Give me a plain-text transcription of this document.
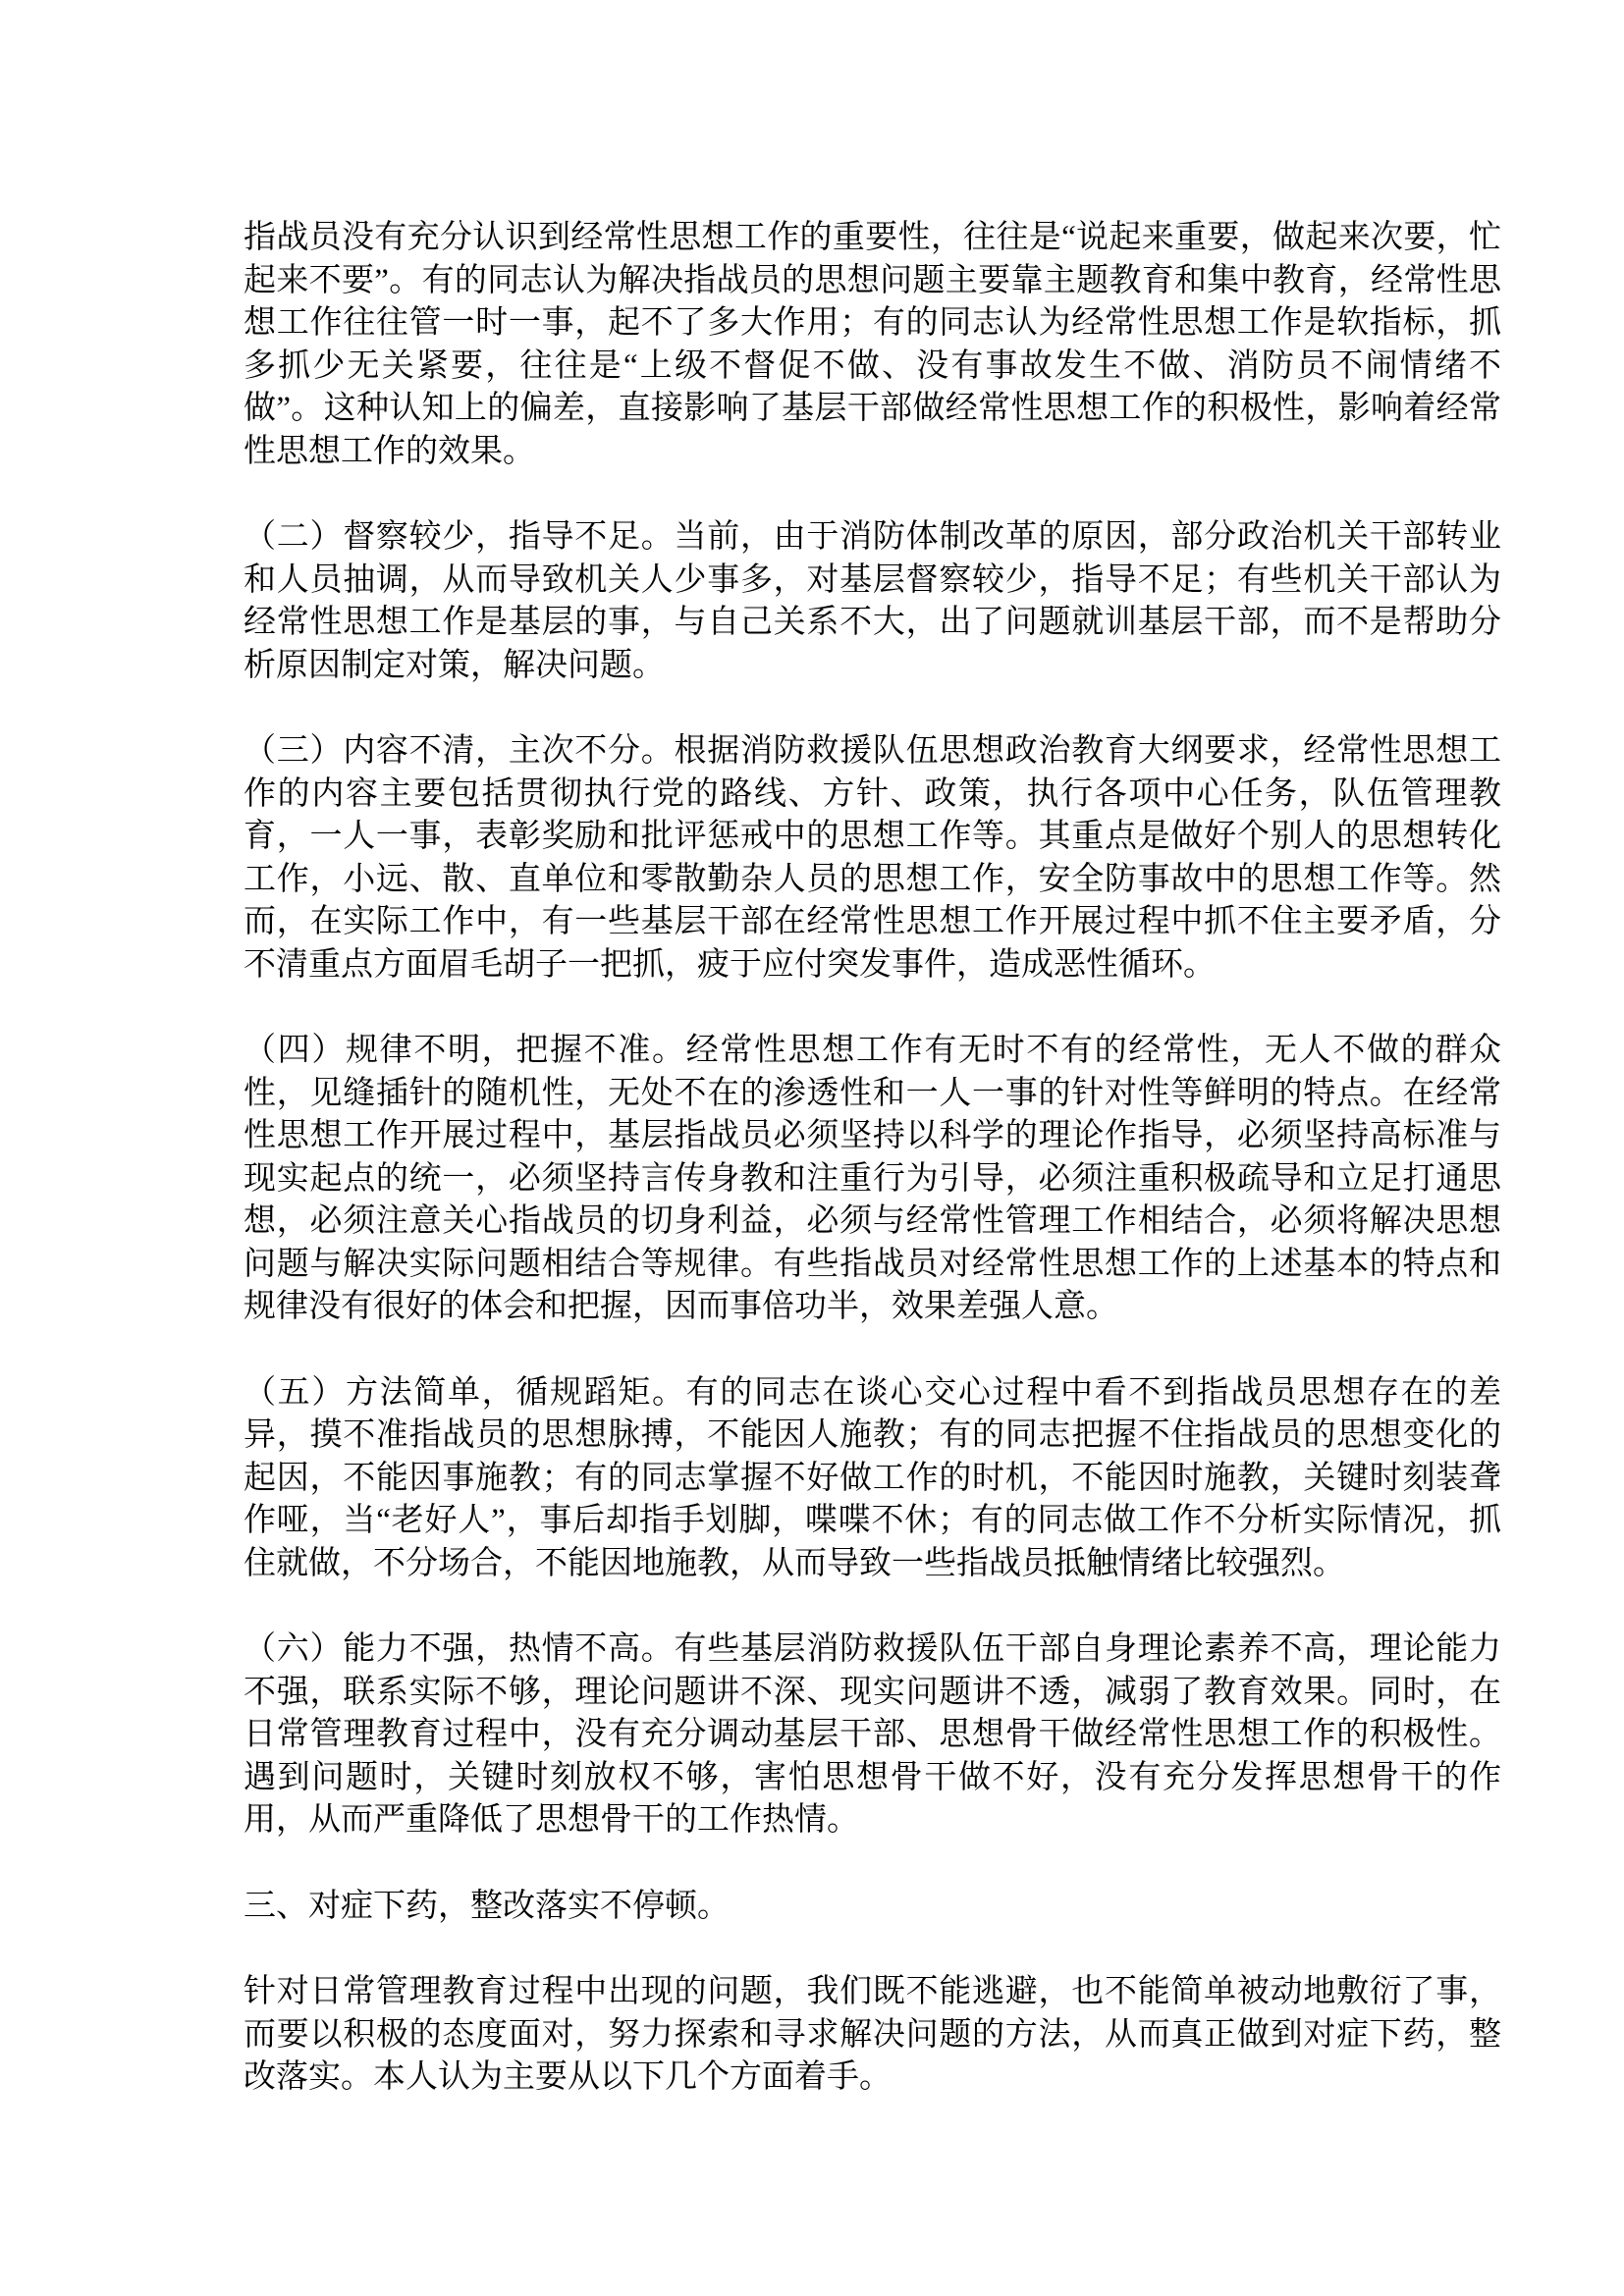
指战员没有充分认识到经常性思想工作的重要性，往往是“说起来重要，做起来次要，忙起来不要”。有的同志认为解决指战员的思想问题主要靠主题教育和集中教育，经常性思想工作往往管一时一事，起不了多大作用；有的同志认为经常性思想工作是软指标，抓多抓少无关紧要，往往是“上级不督促不做、没有事故发生不做、消防员不闹情绪不做”。这种认知上的偏差，直接影响了基层干部做经常性思想工作的积极性，影响着经常性思想工作的效果。

（二）督察较少，指导不足。当前，由于消防体制改革的原因，部分政治机关干部转业和人员抽调，从而导致机关人少事多，对基层督察较少，指导不足；有些机关干部认为经常性思想工作是基层的事，与自己关系不大，出了问题就训基层干部，而不是帮助分析原因制定对策，解决问题。

（三）内容不清，主次不分。根据消防救援队伍思想政治教育大纲要求，经常性思想工作的内容主要包括贯彻执行党的路线、方针、政策，执行各项中心任务，队伍管理教育，一人一事，表彰奖励和批评惩戒中的思想工作等。其重点是做好个别人的思想转化工作，小远、散、直单位和零散勤杂人员的思想工作，安全防事故中的思想工作等。然而，在实际工作中，有一些基层干部在经常性思想工作开展过程中抓不住主要矛盾，分不清重点方面眉毛胡子一把抓，疲于应付突发事件，造成恶性循环。

（四）规律不明，把握不准。经常性思想工作有无时不有的经常性，无人不做的群众性，见缝插针的随机性，无处不在的渗透性和一人一事的针对性等鲜明的特点。在经常性思想工作开展过程中，基层指战员必须坚持以科学的理论作指导，必须坚持高标准与现实起点的统一，必须坚持言传身教和注重行为引导，必须注重积极疏导和立足打通思想，必须注意关心指战员的切身利益，必须与经常性管理工作相结合，必须将解决思想问题与解决实际问题相结合等规律。有些指战员对经常性思想工作的上述基本的特点和规律没有很好的体会和把握，因而事倍功半，效果差强人意。

（五）方法简单，循规蹈矩。有的同志在谈心交心过程中看不到指战员思想存在的差异，摸不准指战员的思想脉搏，不能因人施教；有的同志把握不住指战员的思想变化的起因，不能因事施教；有的同志掌握不好做工作的时机，不能因时施教，关键时刻装聋作哑，当“老好人”，事后却指手划脚，喋喋不休；有的同志做工作不分析实际情况，抓住就做，不分场合，不能因地施教，从而导致一些指战员抵触情绪比较强烈。

（六）能力不强，热情不高。有些基层消防救援队伍干部自身理论素养不高，理论能力不强，联系实际不够，理论问题讲不深、现实问题讲不透，减弱了教育效果。同时，在日常管理教育过程中，没有充分调动基层干部、思想骨干做经常性思想工作的积极性。遇到问题时，关键时刻放权不够，害怕思想骨干做不好，没有充分发挥思想骨干的作用，从而严重降低了思想骨干的工作热情。

三、对症下药，整改落实不停顿。

针对日常管理教育过程中出现的问题，我们既不能逃避，也不能简单被动地敷衍了事，而要以积极的态度面对，努力探索和寻求解决问题的方法，从而真正做到对症下药，整改落实。本人认为主要从以下几个方面着手。
